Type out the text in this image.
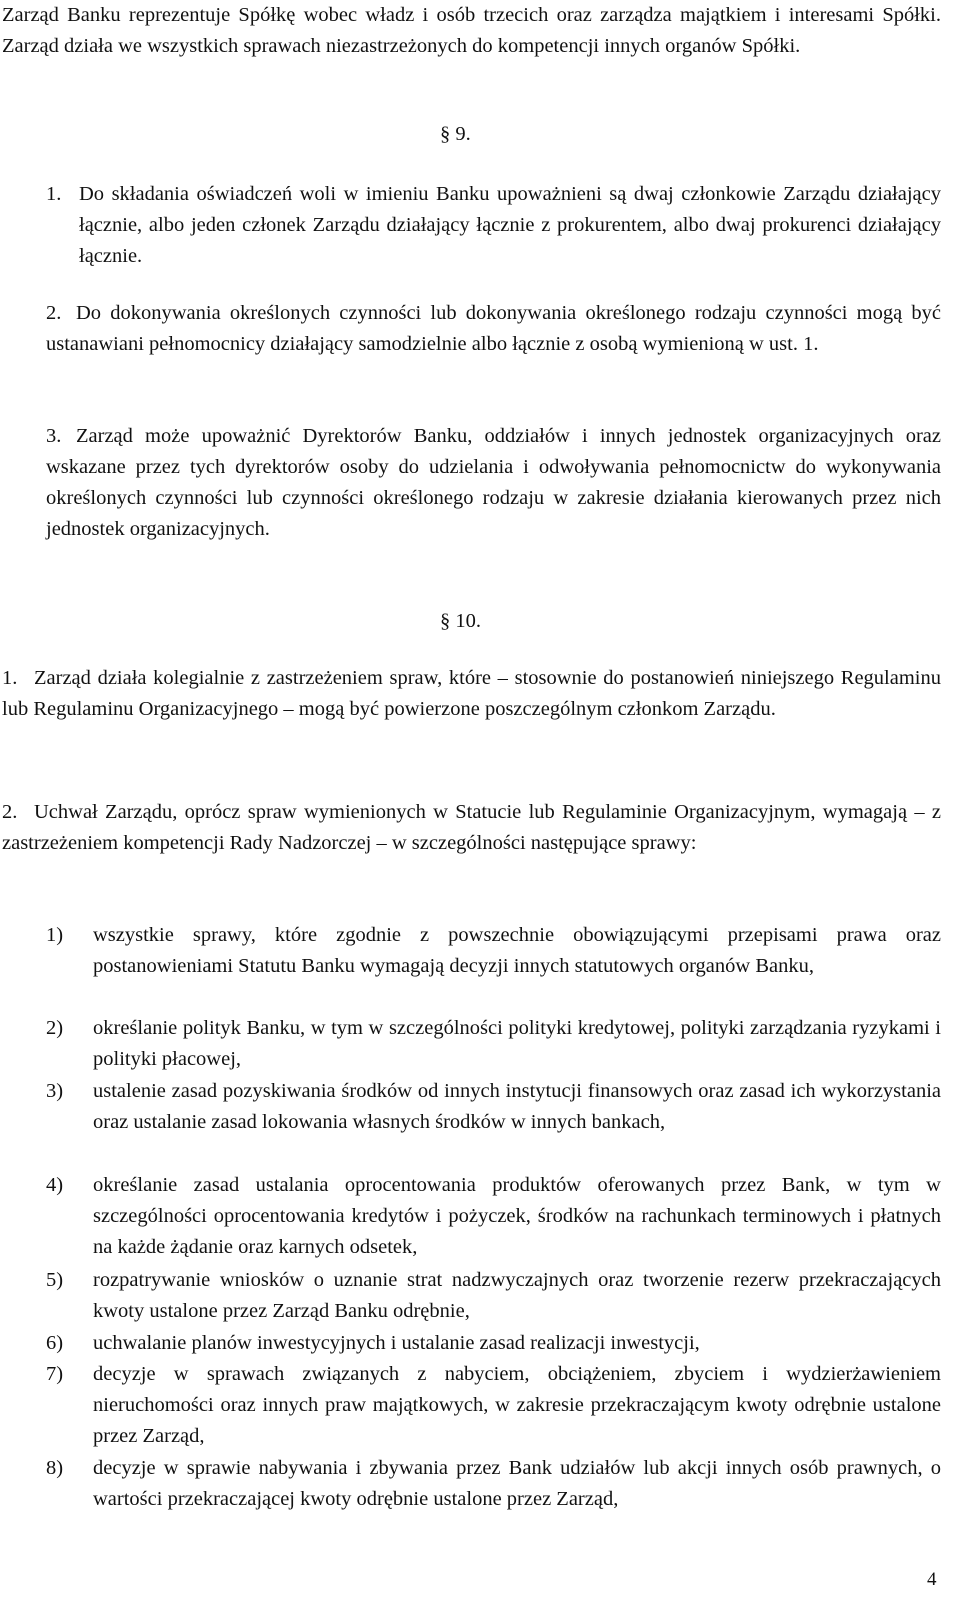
Zarząd Banku reprezentuje Spółkę wobec władz i osób trzecich oraz zarządza majątkiem i interesami Spółki. Zarząd działa we wszystkich sprawach niezastrzeżonych do kompetencji innych organów Spółki.

§ 9.
1. Do składania oświadczeń woli w imieniu Banku upoważnieni są dwaj członkowie Zarządu działający łącznie, albo jeden członek Zarządu działający łącznie z prokurentem, albo dwaj prokurenci działający łącznie.
2. Do dokonywania określonych czynności lub dokonywania określonego rodzaju czynności mogą być ustanawiani pełnomocnicy działający samodzielnie albo łącznie z osobą wymienioną w ust. 1.
3. Zarząd może upoważnić Dyrektorów Banku, oddziałów i innych jednostek organizacyjnych oraz wskazane przez tych dyrektorów osoby do udzielania i odwoływania pełnomocnictw do wykonywania określonych czynności lub czynności określonego rodzaju w zakresie działania kierowanych przez nich jednostek organizacyjnych.
§ 10.
1. Zarząd działa kolegialnie z zastrzeżeniem spraw, które – stosownie do postanowień niniejszego Regulaminu lub Regulaminu Organizacyjnego – mogą być powierzone poszczególnym członkom Zarządu.
2. Uchwał Zarządu, oprócz spraw wymienionych w Statucie lub Regulaminie Organizacyjnym, wymagają – z zastrzeżeniem kompetencji Rady Nadzorczej – w szczególności następujące sprawy:
1) wszystkie sprawy, które zgodnie z powszechnie obowiązującymi przepisami prawa oraz postanowieniami Statutu Banku wymagają decyzji innych statutowych organów Banku,
2) określanie polityk Banku, w tym w szczególności polityki kredytowej, polityki zarządzania ryzykami i polityki płacowej,
3) ustalenie zasad pozyskiwania środków od innych instytucji finansowych oraz zasad ich wykorzystania oraz ustalanie zasad lokowania własnych środków w innych bankach,
4) określanie zasad ustalania oprocentowania produktów oferowanych przez Bank, w tym w szczególności oprocentowania kredytów i pożyczek, środków na rachunkach terminowych i płatnych na każde żądanie oraz karnych odsetek,
5) rozpatrywanie wniosków o uznanie strat nadzwyczajnych oraz tworzenie rezerw przekraczających kwoty ustalone przez Zarząd Banku odrębnie,
6) uchwalanie planów inwestycyjnych i ustalanie zasad realizacji inwestycji,
7) decyzje w sprawach związanych z nabyciem, obciążeniem, zbyciem i wydzierżawieniem nieruchomości oraz innych praw majątkowych, w zakresie przekraczającym kwoty odrębnie ustalone przez Zarząd,
8) decyzje w sprawie nabywania i zbywania przez Bank udziałów lub akcji innych osób prawnych, o wartości przekraczającej kwoty odrębnie ustalone przez Zarząd,
4
